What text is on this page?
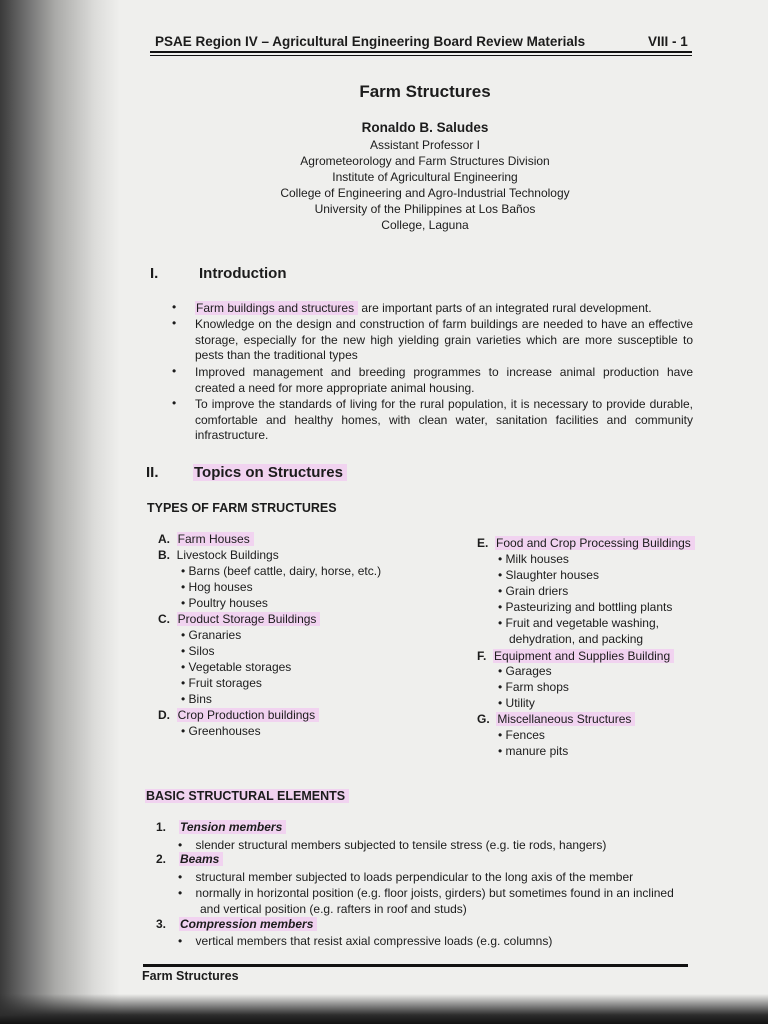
PSAE Region IV – Agricultural Engineering Board Review Materials	VIII - 1
Farm Structures
Ronaldo B. Saludes
Assistant Professor I
Agrometeorology and Farm Structures Division
Institute of Agricultural Engineering
College of Engineering and Agro-Industrial Technology
University of the Philippines at Los Baños
College, Laguna
I.	Introduction
• Farm buildings and structures are important parts of an integrated rural development.
• Knowledge on the design and construction of farm buildings are needed to have an effective storage, especially for the new high yielding grain varieties which are more susceptible to pests than the traditional types
• Improved management and breeding programmes to increase animal production have created a need for more appropriate animal housing.
• To improve the standards of living for the rural population, it is necessary to provide durable, comfortable and healthy homes, with clean water, sanitation facilities and community infrastructure.
II. Topics on Structures
TYPES OF FARM STRUCTURES
A. Farm Houses
B. Livestock Buildings
• Barns (beef cattle, dairy, horse, etc.)
• Hog houses
• Poultry houses
C. Product Storage Buildings
• Granaries
• Silos
• Vegetable storages
• Fruit storages
• Bins
D. Crop Production buildings
• Greenhouses
E. Food and Crop Processing Buildings
• Milk houses
• Slaughter houses
• Grain driers
• Pasteurizing and bottling plants
• Fruit and vegetable washing,
dehydration, and packing
F. Equipment and Supplies Building
• Garages
• Farm shops
• Utility
G. Miscellaneous Structures
• Fences
• manure pits
BASIC STRUCTURAL ELEMENTS
1. Tension members
•    slender structural members subjected to tensile stress (e.g. tie rods, hangers)
2. Beams
•    structural member subjected to loads perpendicular to the long axis of the member
•    normally in horizontal position (e.g. floor joists, girders) but sometimes found in an inclined
and vertical position (e.g. rafters in roof and studs)
3. Compression members
•    vertical members that resist axial compressive loads (e.g. columns)
Farm Structures
